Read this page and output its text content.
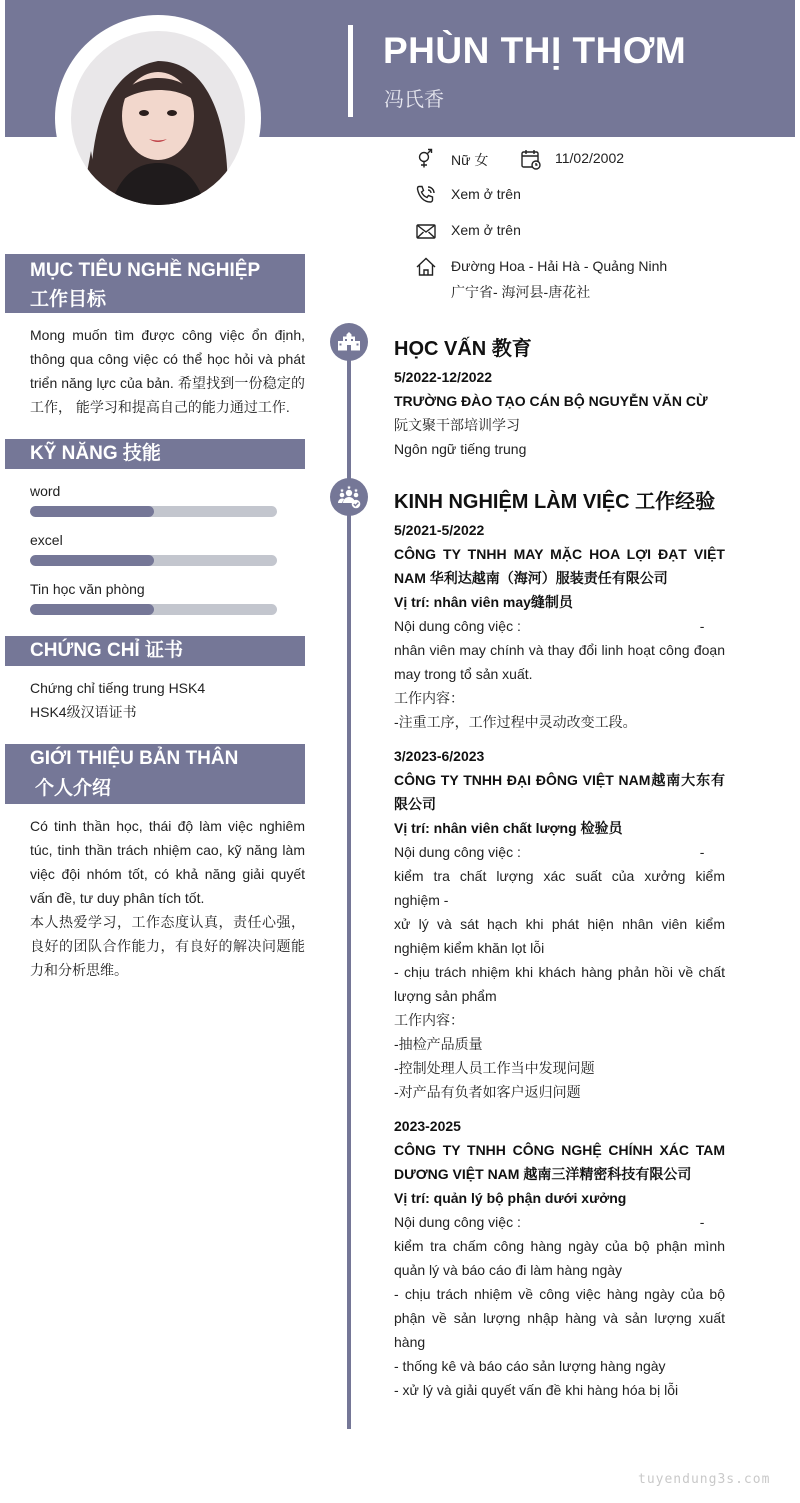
PHÙN THỊ THƠM
冯氏香
Nữ 女	11/02/2002
Xem ở trên
Xem ở trên
Đường Hoa - Hải Hà - Quảng Ninh
广宁省- 海河县-唐花社
MỤC TIÊU NGHỀ NGHIỆP
工作目标
Mong muốn tìm được công việc ổn định, thông qua công việc có thể học hỏi và phát triển năng lực của bản. 希望找到一份稳定的工作， 能学习和提高自己的能力通过工作.
KỸ NĂNG 技能
word
excel
Tin học văn phòng
CHỨNG CHỈ 证书
Chứng chỉ tiếng trung HSK4
HSK4级汉语证书
GIỚI THIỆU BẢN THÂN
个人介绍
Có tinh thần học, thái độ làm việc nghiêm túc, tinh thần trách nhiệm cao, kỹ năng làm việc đội nhóm tốt, có khả năng giải quyết vấn đề, tư duy phân tích tốt.
本人热爱学习，工作态度认真，责任心强，良好的团队合作能力，有良好的解决问题能力和分析思维。
HỌC VẤN 教育
5/2022-12/2022
TRƯỜNG ĐÀO TẠO CÁN BỘ NGUYỄN VĂN CỪ
阮文聚干部培训学习
Ngôn ngữ tiếng trung
KINH NGHIỆM LÀM VIỆC 工作经验
5/2021-5/2022
CÔNG TY TNHH MAY MẶC HOA LỢI ĐẠT VIỆT NAM 华利达越南（海河）服装责任有限公司
Vị trí: nhân viên may缝制员
Nội dung công việc :                                              -
nhân viên may chính và thay đổi linh hoạt công đoạn may trong tổ sản xuất.
工作内容：
-注重工序，工作过程中灵动改变工段。
3/2023-6/2023
CÔNG TY TNHH ĐẠI ĐÔNG VIỆT NAM越南大东有限公司
Vị trí: nhân viên chất lượng 检验员
Nội dung công việc :                                              -
kiểm tra chất lượng xác suất của xưởng kiểm nghiệm -
xử lý và sát hạch khi phát hiện nhân viên kiểm nghiệm kiểm khăn lọt lỗi
- chịu trách nhiệm khi khách hàng phản hồi về chất lượng sản phẩm
工作内容：
-抽检产品质量
-控制处理人员工作当中发现问题
-对产品有负者如客户返归问题
2023-2025
CÔNG TY TNHH CÔNG NGHỆ CHÍNH XÁC TAM DƯƠNG VIỆT NAM 越南三洋精密科技有限公司
Vị trí: quản lý bộ phận dưới xưởng
Nội dung công việc :                                              -
kiểm tra chấm công hàng ngày của bộ phận mình quản lý và báo cáo đi làm hàng ngày
- chịu trách nhiệm về công việc hàng ngày của bộ phận về sản lượng nhập hàng và sản lượng xuất hàng
- thống kê và báo cáo sản lượng hàng ngày
- xử lý và giải quyết vấn đề khi hàng hóa bị lỗi
tuyendung3s.com
